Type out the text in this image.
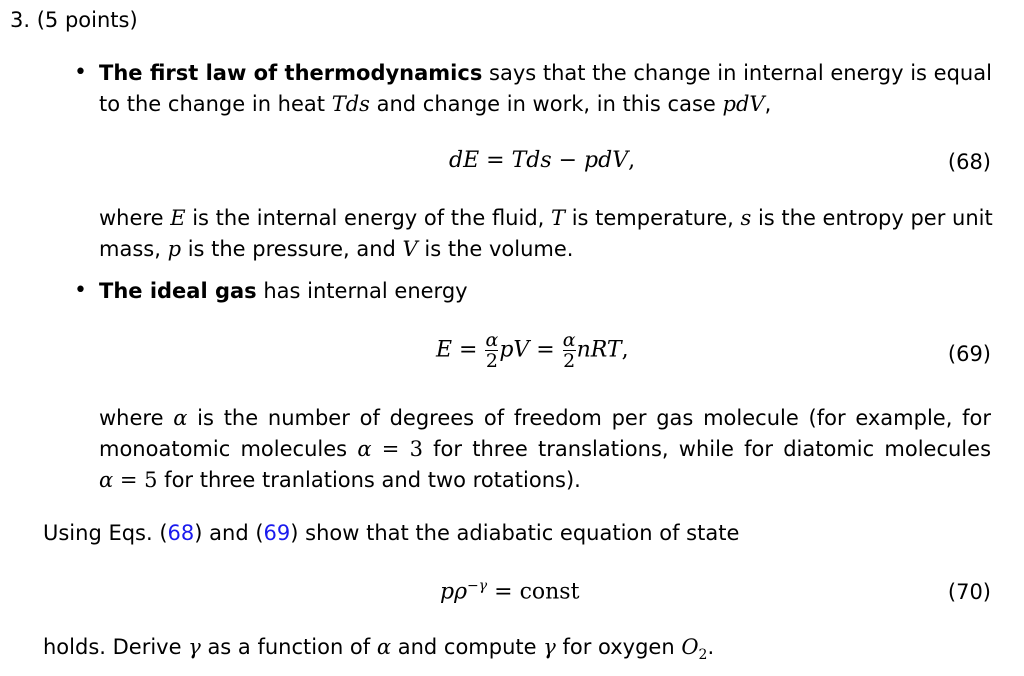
3. (5 points)
• The first law of thermodynamics says that the change in internal energy is equal
to the change in heat Tds and change in work, in this case pdV,
dE = Tds − pdV,	(68)
where E is the internal energy of the fluid, T is temperature, s is the entropy per unit
mass, p is the pressure, and V is the volume.
• The ideal gas has internal energy
$E = \frac{\alpha}{2}$ pV = $\frac{\alpha}{2}$ nRT,	(69)
where α is the number of degrees of freedom per gas molecule (for example, for
monoatomic molecules α = 3 for three translations, while for diatomic molecules
α = 5 for three tranlations and two rotations).
Using Eqs. (68) and (69) show that the adiabatic equation of state
$p\rho^{-\gamma}$ = const	(70)
holds. Derive γ as a function of α and compute γ for oxygen $O_2$.
